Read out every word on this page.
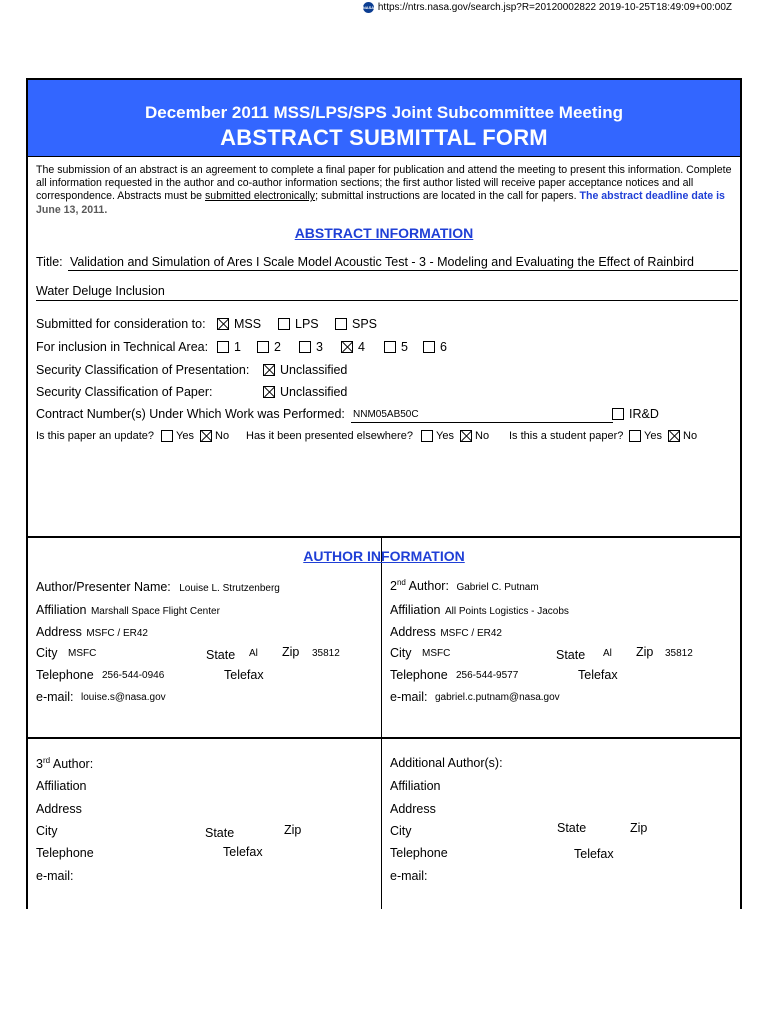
NASA https://ntrs.nasa.gov/search.jsp?R=20120002822 2019-10-25T18:49:09+00:00Z
December 2011 MSS/LPS/SPS Joint Subcommittee Meeting
ABSTRACT SUBMITTAL FORM
The submission of an abstract is an agreement to complete a final paper for publication and attend the meeting to present this information. Complete all information requested in the author and co-author information sections; the first author listed will receive paper acceptance notices and all correspondence. Abstracts must be submitted electronically; submittal instructions are located in the call for papers. The abstract deadline date is June 13, 2011.
ABSTRACT INFORMATION
Title: Validation and Simulation of Ares I Scale Model Acoustic Test - 3 - Modeling and Evaluating the Effect of Rainbird
Water Deluge Inclusion
Submitted for consideration to: MSS	LPS	SPS
For inclusion in Technical Area: 1	2	3	4	5	6
Security Classification of Presentation: Unclassified
Security Classification of Paper:	Unclassified
Contract Number(s) Under Which Work was Performed: NNM05AB50C	IR&D
Is this paper an update? Yes No Has it been presented elsewhere? Yes No Is this a student paper? Yes No
AUTHOR INFORMATION
Author/Presenter Name: Louise L. Strutzenberg
Affiliation Marshall Space Flight Center
Address MSFC / ER42
City MSFC	State Al Zip 35812
Telephone 256-544-0946	Telefax
e-mail: louise.s@nasa.gov
2nd Author: Gabriel C. Putnam
Affiliation All Points Logistics - Jacobs
Address MSFC / ER42
City MSFC	State Al Zip 35812
Telephone 256-544-9577	Telefax
e-mail: gabriel.c.putnam@nasa.gov
3rd Author:
Affiliation
Address
City	State	Zip
Telephone	Telefax
e-mail:
Additional Author(s):
Affiliation
Address
City	State	Zip
Telephone	Telefax
e-mail:
